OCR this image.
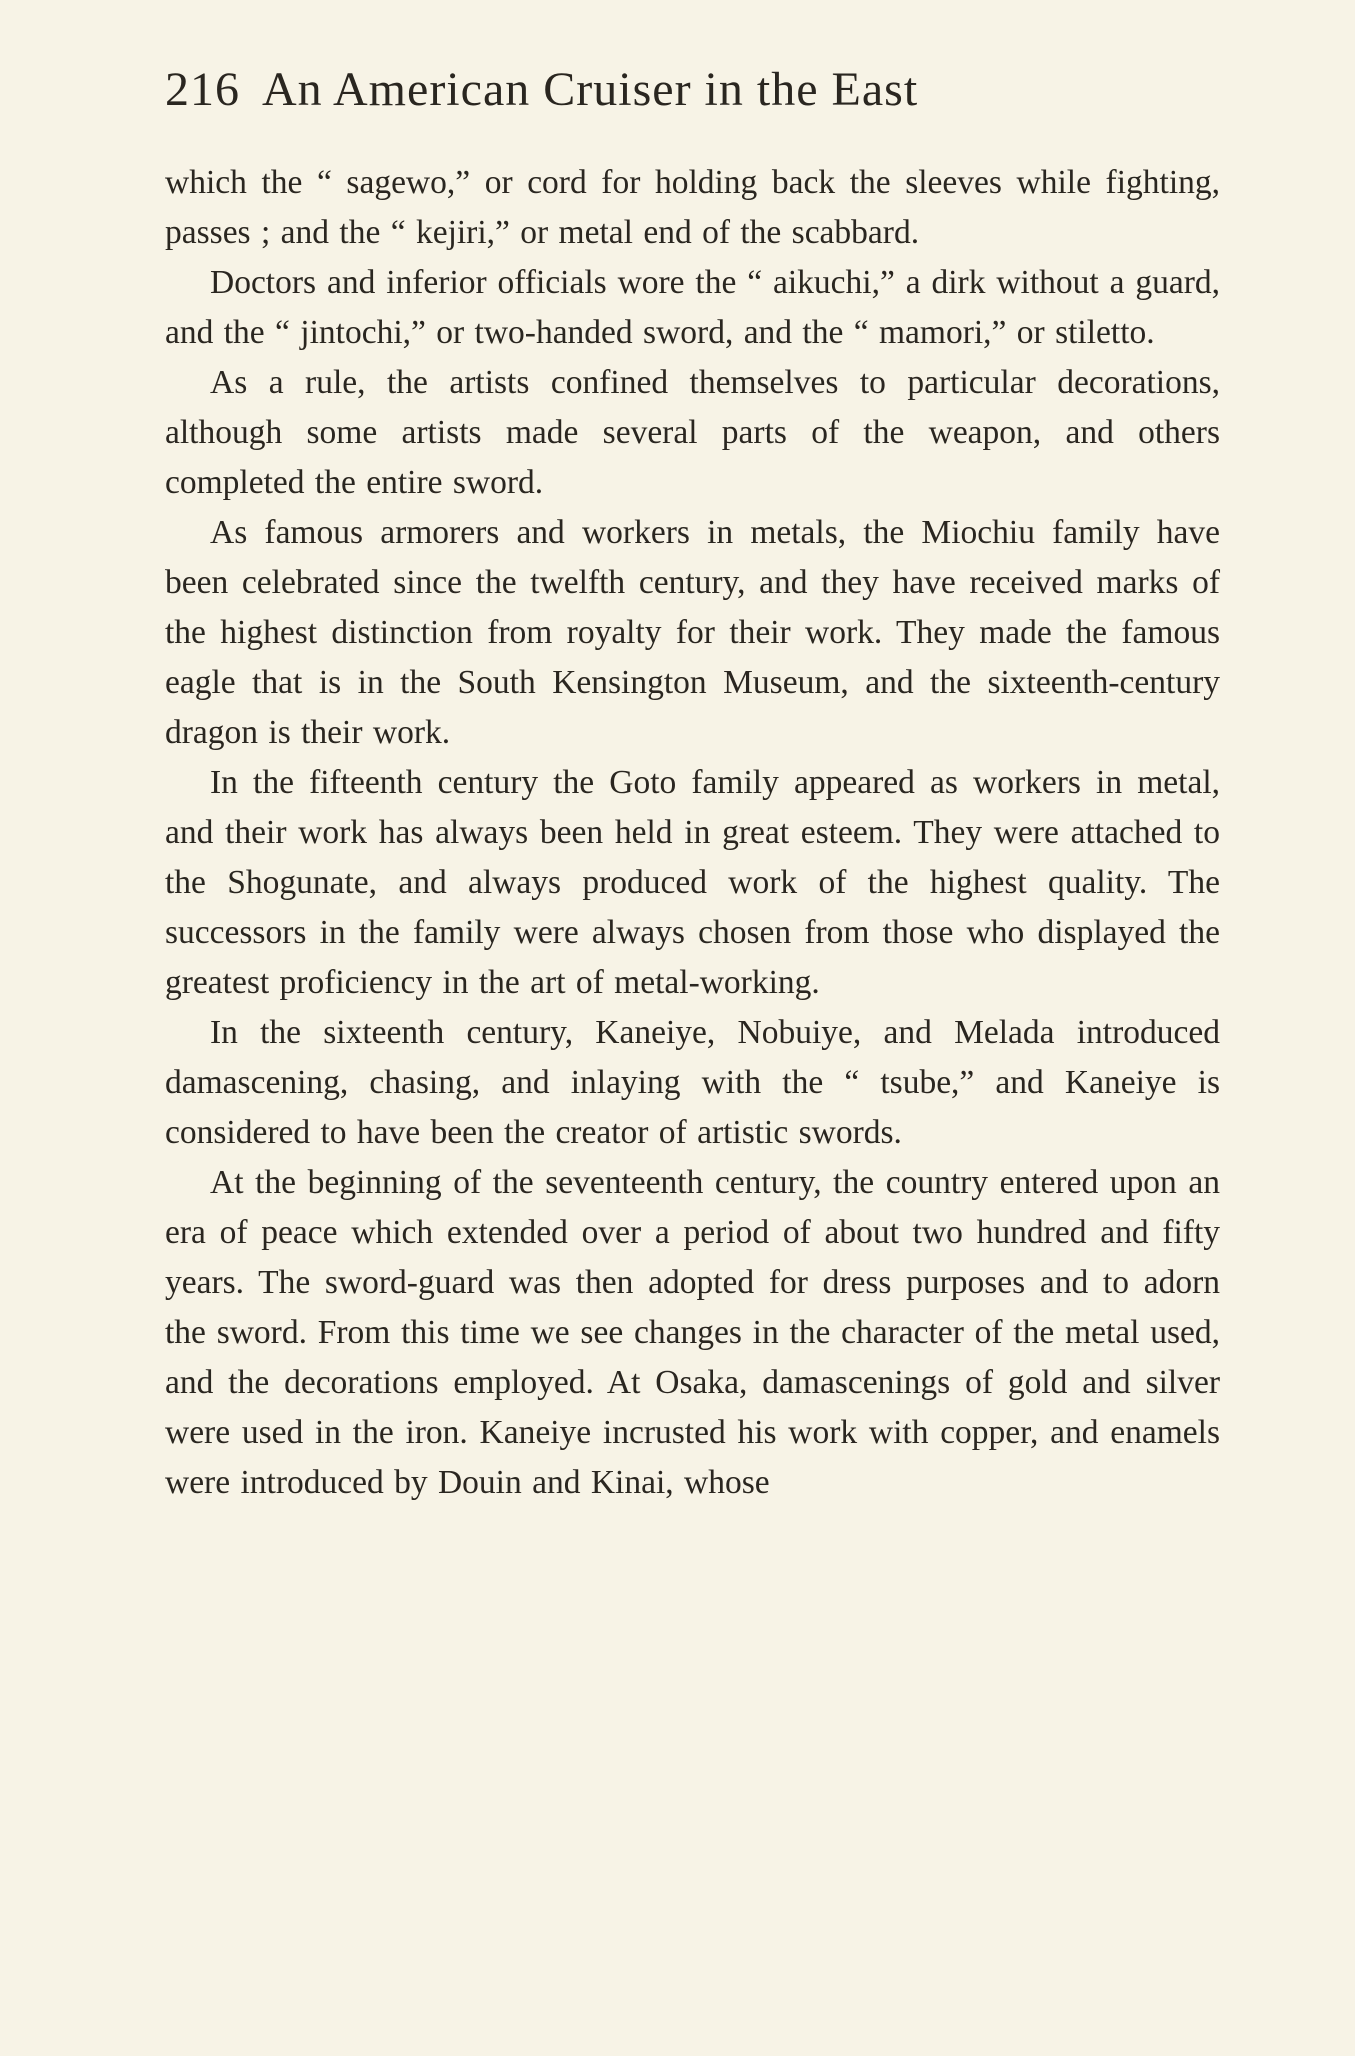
216 An American Cruiser in the East

which the “ sagewo,” or cord for holding back the sleeves while fighting, passes ; and the “ kejiri,” or metal end of the scabbard.

Doctors and inferior officials wore the “ aikuchi,” a dirk without a guard, and the “ jintochi,” or two-handed sword, and the “ mamori,” or stiletto.

As a rule, the artists confined themselves to particular decorations, although some artists made several parts of the weapon, and others completed the entire sword.

As famous armorers and workers in metals, the Miochiu family have been celebrated since the twelfth century, and they have received marks of the highest distinction from royalty for their work. They made the famous eagle that is in the South Kensington Museum, and the sixteenth-century dragon is their work.

In the fifteenth century the Goto family appeared as workers in metal, and their work has always been held in great esteem. They were attached to the Shogunate, and always produced work of the highest quality. The successors in the family were always chosen from those who displayed the greatest proficiency in the art of metal-working.

In the sixteenth century, Kaneiye, Nobuiye, and Melada introduced damascening, chasing, and inlaying with the “ tsube,” and Kaneiye is considered to have been the creator of artistic swords.

At the beginning of the seventeenth century, the country entered upon an era of peace which extended over a period of about two hundred and fifty years. The sword-guard was then adopted for dress purposes and to adorn the sword. From this time we see changes in the character of the metal used, and the decorations employed. At Osaka, damascenings of gold and silver were used in the iron. Kaneiye incrusted his work with copper, and enamels were introduced by Douin and Kinai, whose
